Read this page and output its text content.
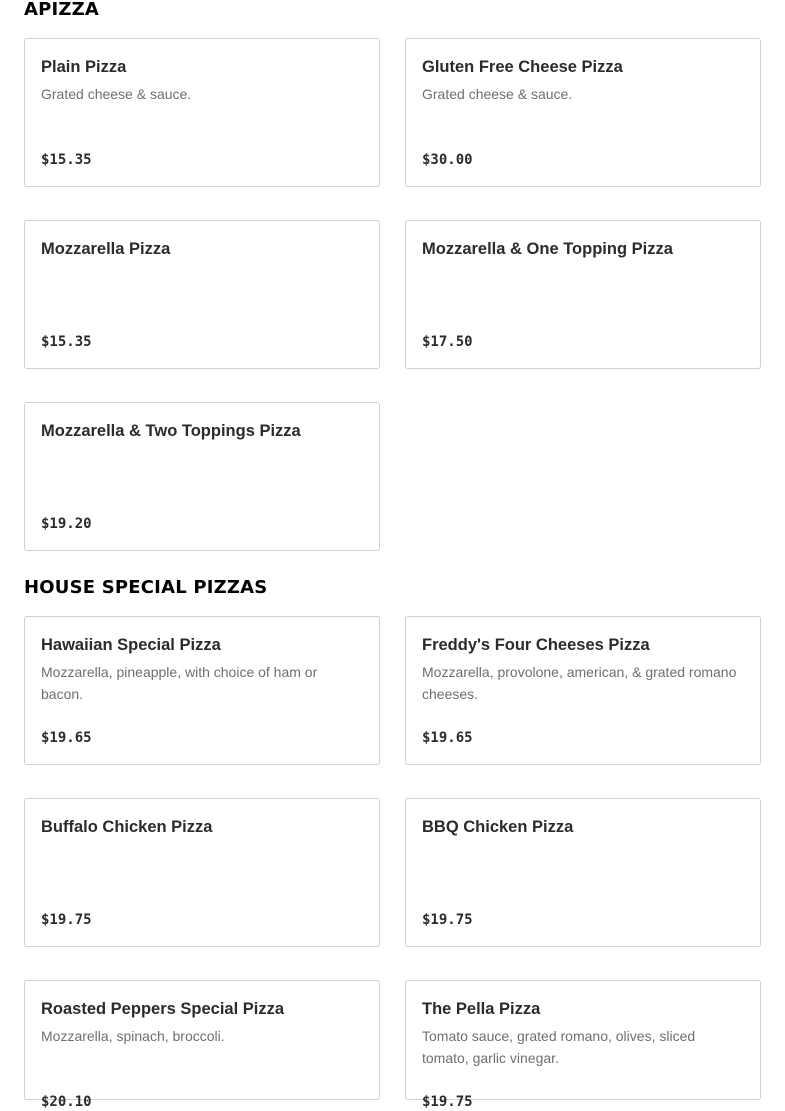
APIZZA
Plain Pizza
Grated cheese & sauce.
$15.35
Gluten Free Cheese Pizza
Grated cheese & sauce.
$30.00
Mozzarella Pizza
$15.35
Mozzarella & One Topping Pizza
$17.50
Mozzarella & Two Toppings Pizza
$19.20
HOUSE SPECIAL PIZZAS
Hawaiian Special Pizza
Mozzarella, pineapple, with choice of ham or bacon.
$19.65
Freddy's Four Cheeses Pizza
Mozzarella, provolone, american, & grated romano cheeses.
$19.65
Buffalo Chicken Pizza
$19.75
BBQ Chicken Pizza
$19.75
Roasted Peppers Special Pizza
Mozzarella, spinach, broccoli.
$20.10
The Pella Pizza
Tomato sauce, grated romano, olives, sliced tomato, garlic vinegar.
$19.75
